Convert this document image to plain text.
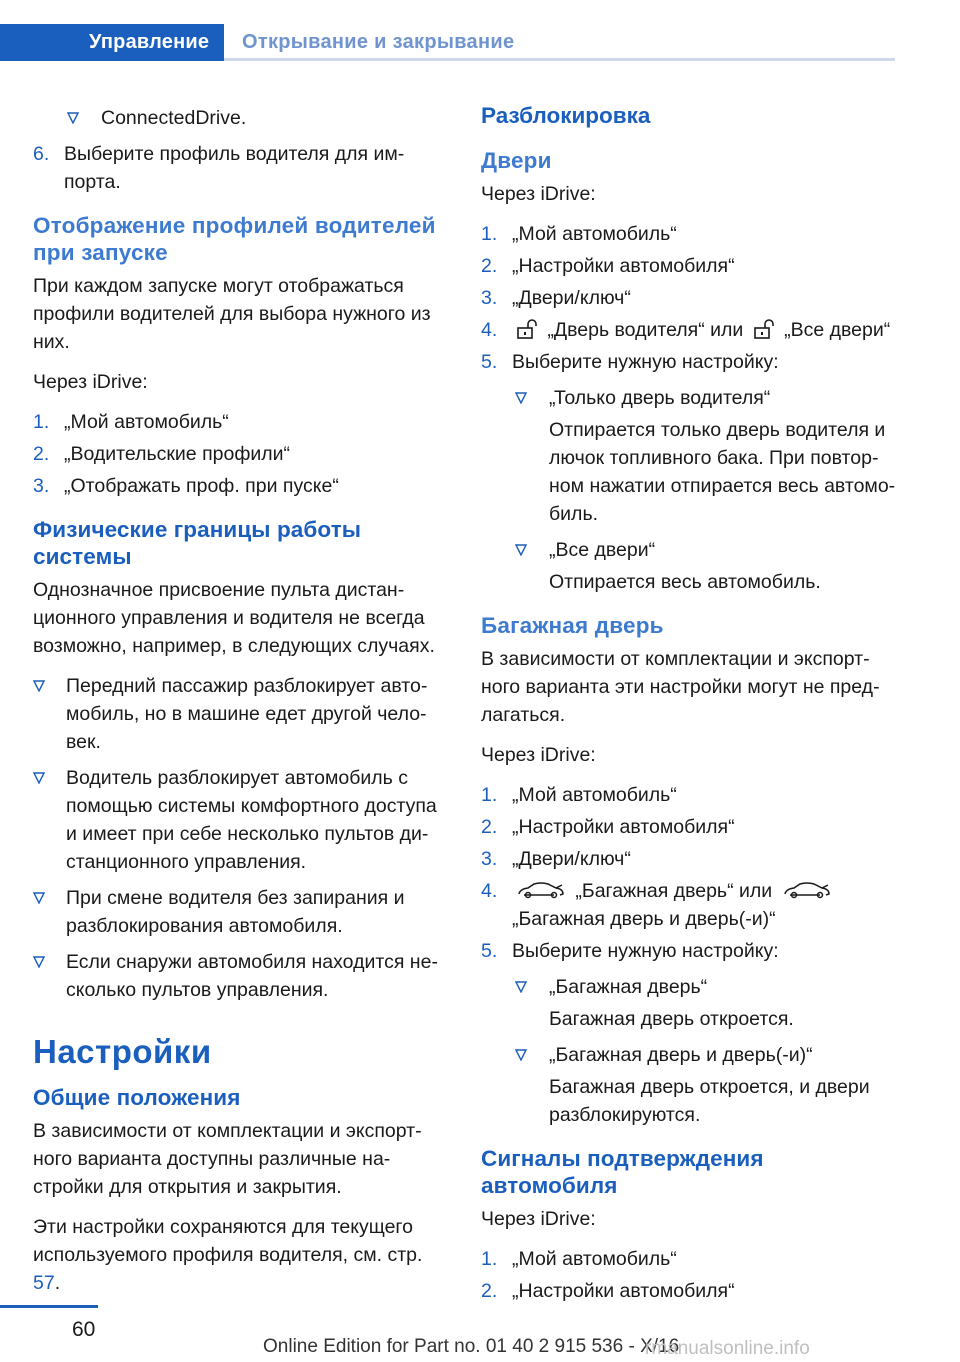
Управление	Открывание и закрывание
ConnectedDrive.
6. Выберите профиль водителя для импорта.
Отображение профилей водителей при запуске

При каждом запуске могут отображаться профили водителей для выбора нужного из них.

Через iDrive:

1. „Мой автомобиль“
2. „Водительские профили“
3. „Отображать проф. при пуске“
Физические границы работы системы

Однозначное присвоение пульта дистанционного управления и водителя не всегда возможно, например, в следующих случаях.

Передний пассажир разблокирует автомобиль, но в машине едет другой человек.
Водитель разблокирует автомобиль с помощью системы комфортного доступа и имеет при себе несколько пультов дистанционного управления.
При смене водителя без запирания и разблокирования автомобиля.
Если снаружи автомобиля находится несколько пультов управления.
Настройки
Общие положения

В зависимости от комплектации и экспортного варианта доступны различные настройки для открытия и закрытия.

Эти настройки сохраняются для текущего используемого профиля водителя, см. стр. 57.

Разблокировка
Двери

Через iDrive:

1. „Мой автомобиль“
2. „Настройки автомобиля“
3. „Двери/ключ“
4.	„Дверь водителя“ или „Все двери“
5. Выберите нужную настройку:
„Только дверь водителя“
Отпирается только дверь водителя и лючок топливного бака. При повторном нажатии отпирается весь автомобиль.
„Все двери“
Отпирается весь автомобиль.
Багажная дверь

В зависимости от комплектации и экспортного варианта эти настройки могут не предлагаться.

Через iDrive:

1. „Мой автомобиль“
2. „Настройки автомобиля“
3. „Двери/ключ“
4.	„Багажная дверь“ или
„Багажная дверь и дверь(-и)“
5. Выберите нужную настройку:
„Багажная дверь“
Багажная дверь откроется.
„Багажная дверь и дверь(-и)“
Багажная дверь откроется, и двери разблокируются.
Сигналы подтверждения автомобиля

Через iDrive:

1. „Мой автомобиль“
2. „Настройки автомобиля“
60
Online Edition for Part no. 01 40 2 915 536 - X/16
rmanualsonline.info
